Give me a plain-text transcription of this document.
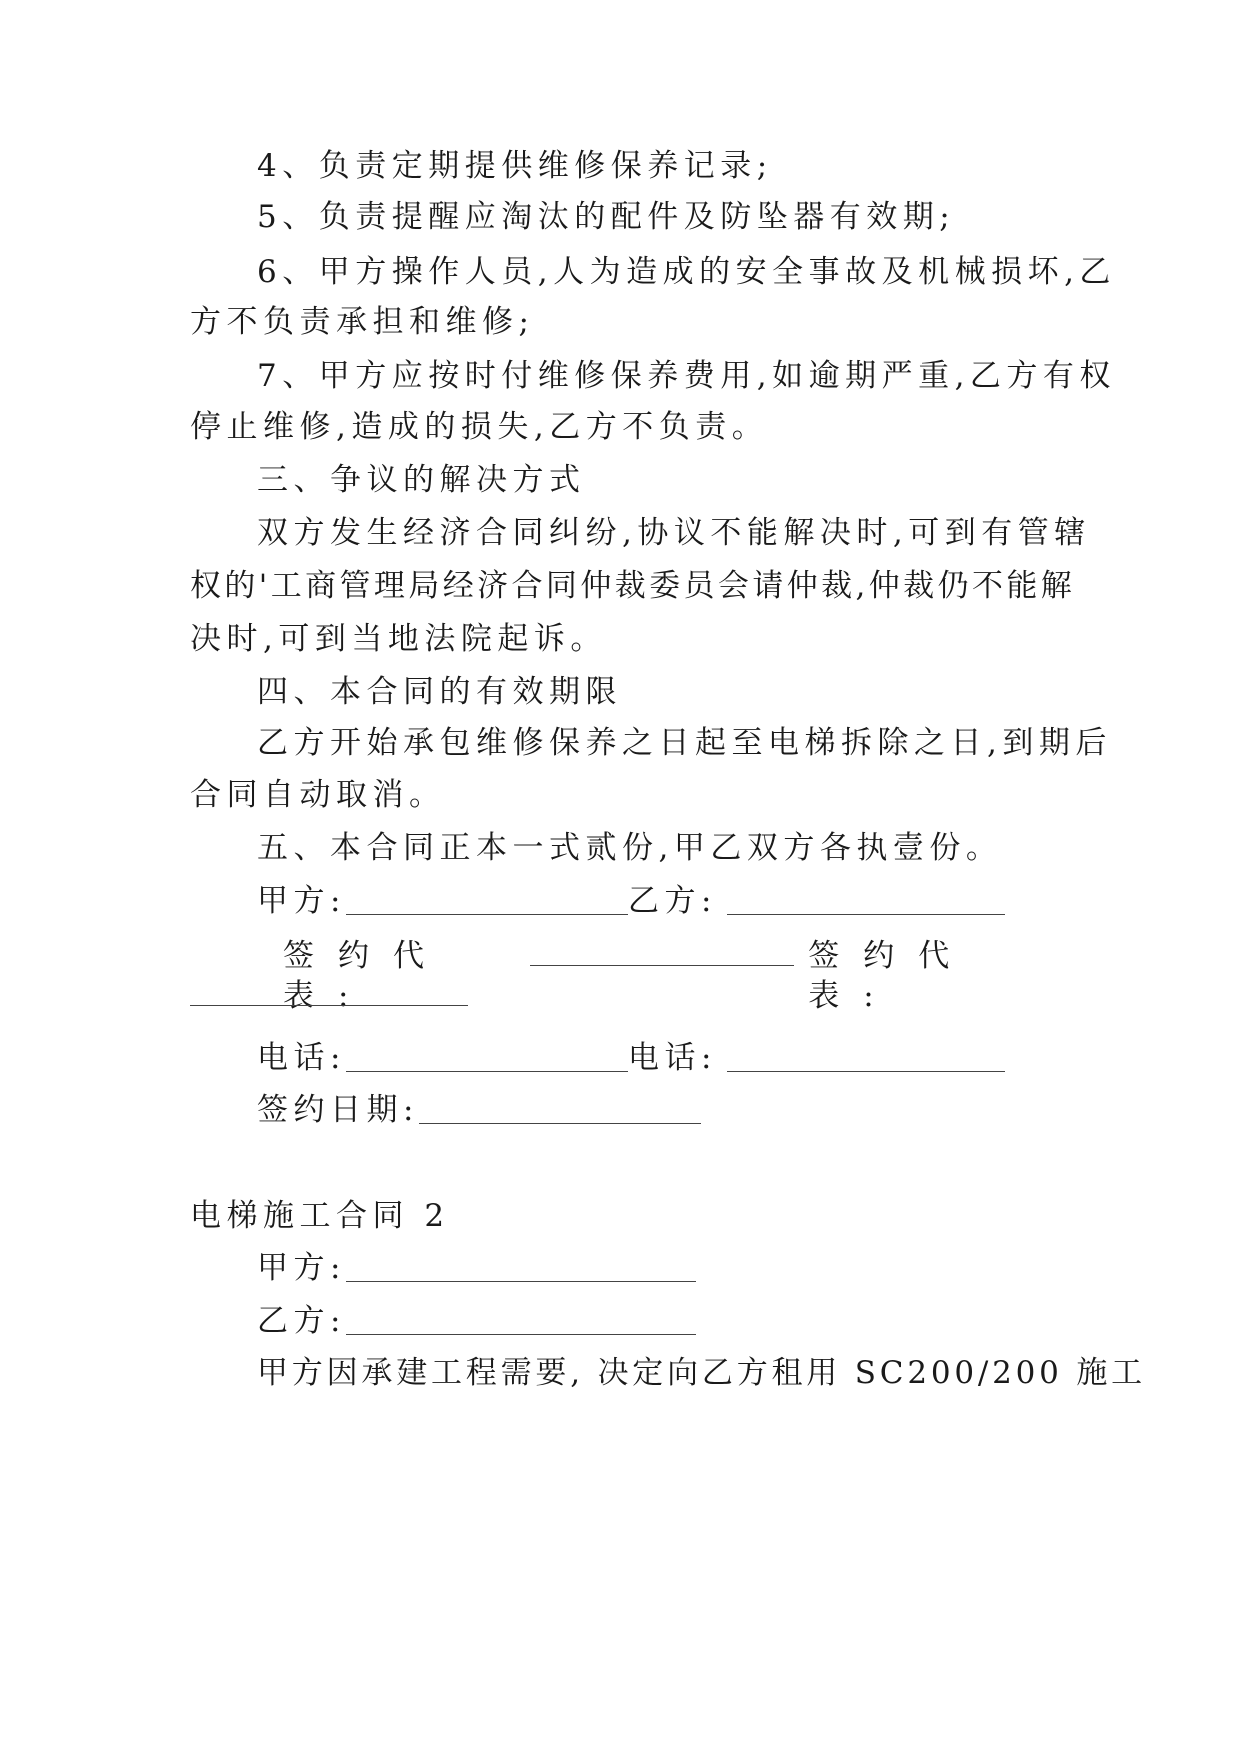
4、负责定期提供维修保养记录;
5、负责提醒应淘汰的配件及防坠器有效期;
6、甲方操作人员,人为造成的安全事故及机械损坏,乙
方不负责承担和维修;
7、甲方应按时付维修保养费用,如逾期严重,乙方有权
停止维修,造成的损失,乙方不负责。
三、争议的解决方式
双方发生经济合同纠纷,协议不能解决时,可到有管辖
权的'工商管理局经济合同仲裁委员会请仲裁,仲裁仍不能解
决时,可到当地法院起诉。
四、本合同的有效期限
乙方开始承包维修保养之日起至电梯拆除之日,到期后
合同自动取消。
五、本合同正本一式贰份,甲乙双方各执壹份。
甲方:	乙方:
签约代表:
签约代表:
电话:	电话:
签约日期:
电梯施工合同 2
甲方:
乙方:
甲方因承建工程需要, 决定向乙方租用 SC200/200 施工
